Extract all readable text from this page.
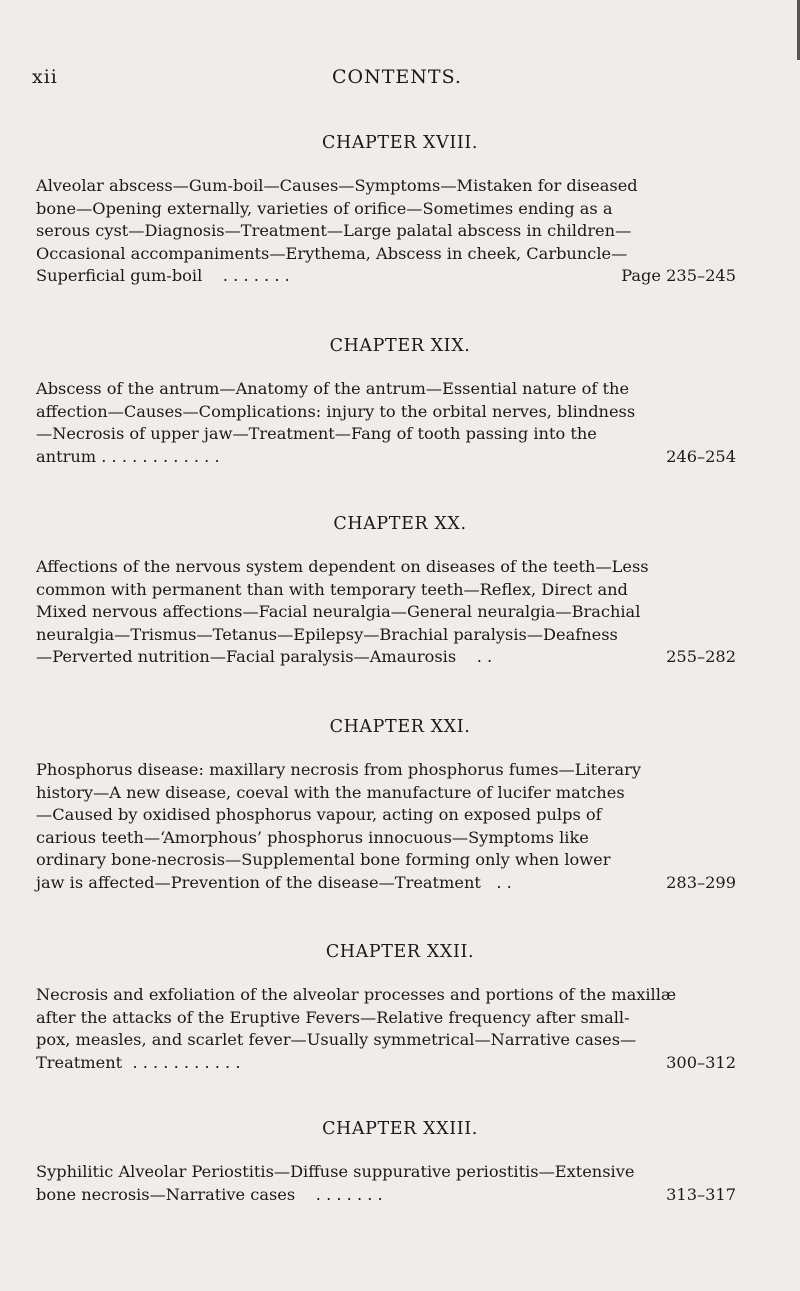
xii	CONTENTS.
CHAPTER XVIII.
Alveolar abscess—Gum-boil—Causes—Symptoms—Mistaken for diseased
bone—Opening externally, varieties of orifice—Sometimes ending as a
serous cyst—Diagnosis—Treatment—Large palatal abscess in children—
Occasional accompaniments—Erythema, Abscess in cheek, Carbuncle—
Superficial gum-boil . . . . . . .	Page 235–245
CHAPTER XIX.
Abscess of the antrum—Anatomy of the antrum—Essential nature of the
affection—Causes—Complications: injury to the orbital nerves, blindness
—Necrosis of upper jaw—Treatment—Fang of tooth passing into the
antrum . . . . . . . . . . . .	246–254
CHAPTER XX.
Affections of the nervous system dependent on diseases of the teeth—Less
common with permanent than with temporary teeth—Reflex, Direct and
Mixed nervous affections—Facial neuralgia—General neuralgia—Brachial
neuralgia—Trismus—Tetanus—Epilepsy—Brachial paralysis—Deafness
—Perverted nutrition—Facial paralysis—Amaurosis . .	255–282
CHAPTER XXI.
Phosphorus disease: maxillary necrosis from phosphorus fumes—Literary
history—A new disease, coeval with the manufacture of lucifer matches
—Caused by oxidised phosphorus vapour, acting on exposed pulps of
carious teeth—‘Amorphous’ phosphorus innocuous—Symptoms like
ordinary bone-necrosis—Supplemental bone forming only when lower
jaw is affected—Prevention of the disease—Treatment . .	283–299
CHAPTER XXII.
Necrosis and exfoliation of the alveolar processes and portions of the maxillæ
after the attacks of the Eruptive Fevers—Relative frequency after small-
pox, measles, and scarlet fever—Usually symmetrical—Narrative cases—
Treatment . . . . . . . . . . .	300–312
CHAPTER XXIII.
Syphilitic Alveolar Periostitis—Diffuse suppurative periostitis—Extensive
bone necrosis—Narrative cases . . . . . . .	313–317
